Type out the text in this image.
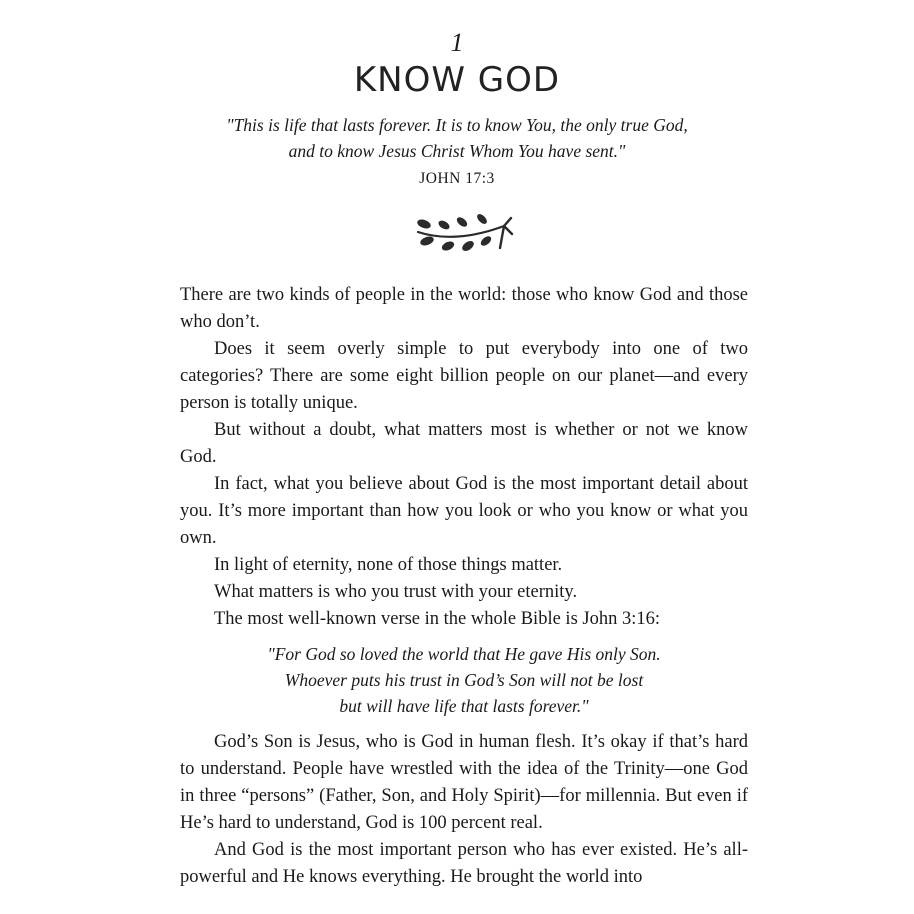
1
KNOW GOD
"This is life that lasts forever. It is to know You, the only true God,
and to know Jesus Christ Whom You have sent."
JOHN 17:3

There are two kinds of people in the world: those who know God and those who don’t.

Does it seem overly simple to put everybody into one of two categories? There are some eight billion people on our planet—and every person is totally unique.

But without a doubt, what matters most is whether or not we know God.

In fact, what you believe about God is the most important detail about you. It’s more important than how you look or who you know or what you own.

In light of eternity, none of those things matter.

What matters is who you trust with your eternity.

The most well-known verse in the whole Bible is John 3:16:

"For God so loved the world that He gave His only Son.
Whoever puts his trust in God’s Son will not be lost
but will have life that lasts forever."

God’s Son is Jesus, who is God in human flesh. It’s okay if that’s hard to understand. People have wrestled with the idea of the Trinity—one God in three “persons” (Father, Son, and Holy Spirit)—for millennia. But even if He’s hard to understand, God is 100 percent real.

And God is the most important person who has ever existed. He’s all-powerful and He knows everything. He brought the world into
